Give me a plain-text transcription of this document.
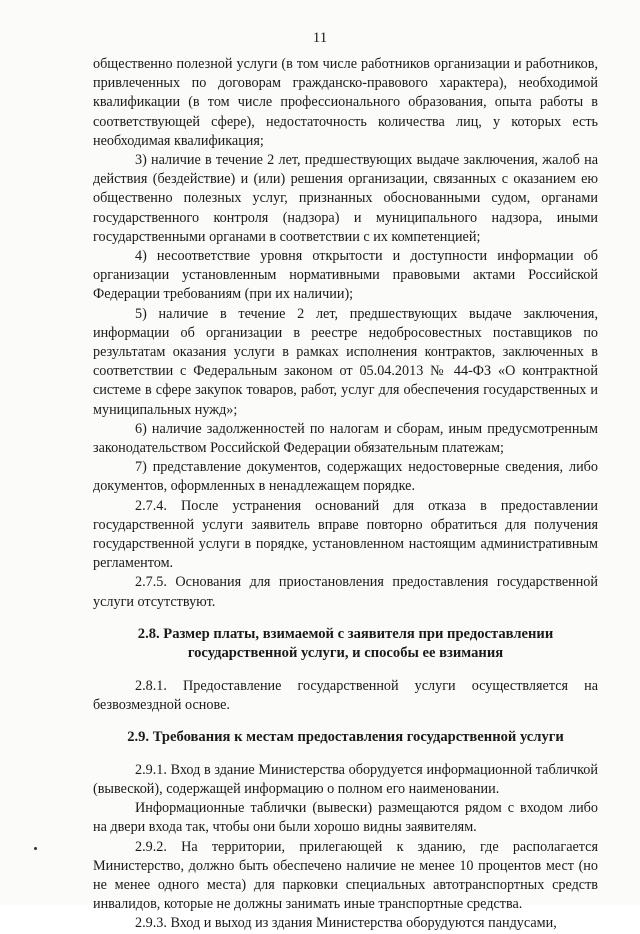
11

общественно полезной услуги (в том числе работников организации и работников, привлеченных по договорам гражданско-правового характера), необходимой квалификации (в том числе профессионального образования, опыта работы в соответствующей сфере), недостаточность количества лиц, у которых есть необходимая квалификация;

3) наличие в течение 2 лет, предшествующих выдаче заключения, жалоб на действия (бездействие) и (или) решения организации, связанных с оказанием ею общественно полезных услуг, признанных обоснованными судом, органами государственного контроля (надзора) и муниципального надзора, иными государственными органами в соответствии с их компетенцией;

4) несоответствие уровня открытости и доступности информации об организации установленным нормативными правовыми актами Российской Федерации требованиям (при их наличии);

5) наличие в течение 2 лет, предшествующих выдаче заключения, информации об организации в реестре недобросовестных поставщиков по результатам оказания услуги в рамках исполнения контрактов, заключенных в соответствии с Федеральным законом от 05.04.2013 № 44-ФЗ «О контрактной системе в сфере закупок товаров, работ, услуг для обеспечения государственных и муниципальных нужд»;

6) наличие задолженностей по налогам и сборам, иным предусмотренным законодательством Российской Федерации обязательным платежам;

7) представление документов, содержащих недостоверные сведения, либо документов, оформленных в ненадлежащем порядке.

2.7.4. После устранения оснований для отказа в предоставлении государственной услуги заявитель вправе повторно обратиться для получения государственной услуги в порядке, установленном настоящим административным регламентом.

2.7.5. Основания для приостановления предоставления государственной услуги отсутствуют.

2.8. Размер платы, взимаемой с заявителя при предоставлении

государственной услуги, и способы ее взимания

2.8.1. Предоставление государственной услуги осуществляется на безвозмездной основе.

2.9. Требования к местам предоставления государственной услуги

2.9.1. Вход в здание Министерства оборудуется информационной табличкой (вывеской), содержащей информацию о полном его наименовании.

Информационные таблички (вывески) размещаются рядом с входом либо на двери входа так, чтобы они были хорошо видны заявителям.

2.9.2. На территории, прилегающей к зданию, где располагается Министерство, должно быть обеспечено наличие не менее 10 процентов мест (но не менее одного места) для парковки специальных автотранспортных средств инвалидов, которые не должны занимать иные транспортные средства.

2.9.3. Вход и выход из здания Министерства оборудуются пандусами,
